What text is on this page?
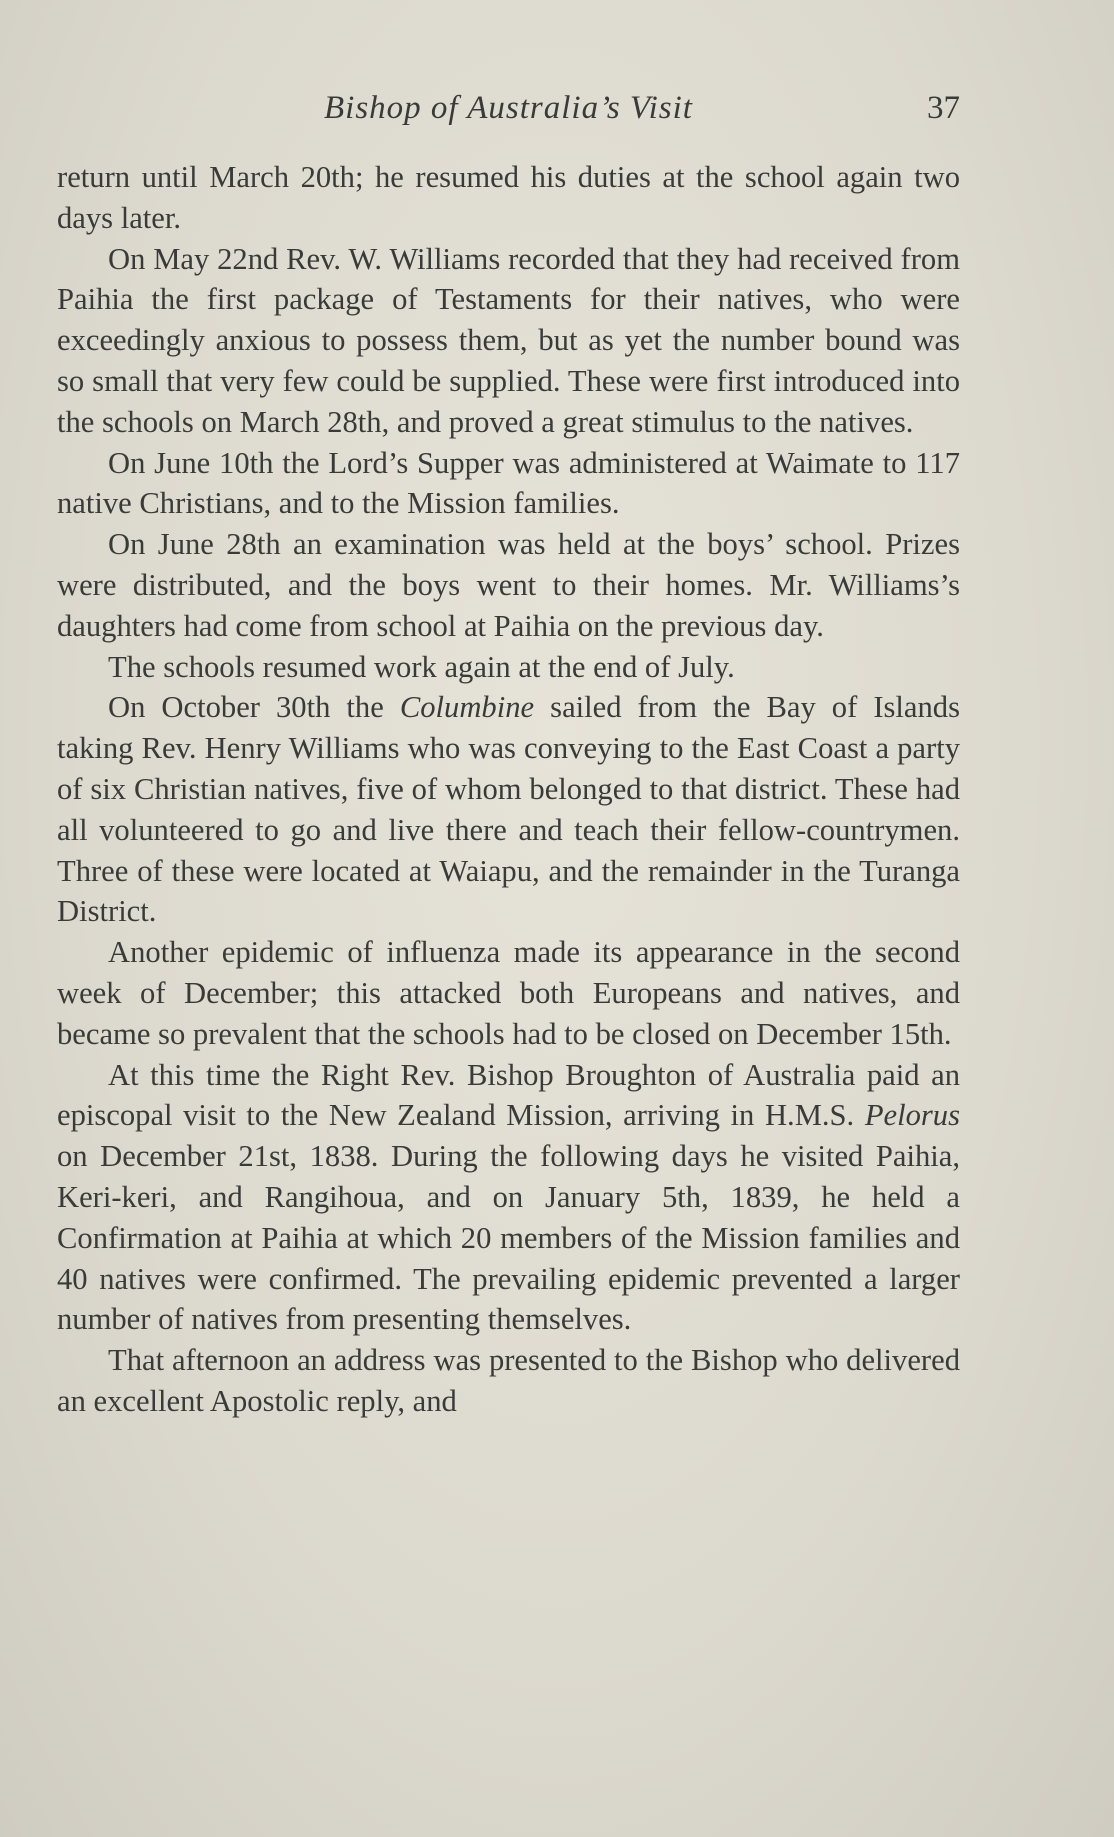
Bishop of Australia’s Visit	37

return until March 20th; he resumed his duties at the school again two days later.

On May 22nd Rev. W. Williams recorded that they had received from Paihia the first package of Testaments for their natives, who were exceedingly anxious to possess them, but as yet the number bound was so small that very few could be supplied. These were first introduced into the schools on March 28th, and proved a great stimulus to the natives.

On June 10th the Lord’s Supper was administered at Waimate to 117 native Christians, and to the Mission families.

On June 28th an examination was held at the boys’ school. Prizes were distributed, and the boys went to their homes. Mr. Williams’s daughters had come from school at Paihia on the previous day.

The schools resumed work again at the end of July.

On October 30th the Columbine sailed from the Bay of Islands taking Rev. Henry Williams who was conveying to the East Coast a party of six Christian natives, five of whom belonged to that district. These had all volunteered to go and live there and teach their fellow-countrymen. Three of these were located at Waiapu, and the remainder in the Turanga District.

Another epidemic of influenza made its appearance in the second week of December; this attacked both Europeans and natives, and became so prevalent that the schools had to be closed on December 15th.

At this time the Right Rev. Bishop Broughton of Australia paid an episcopal visit to the New Zealand Mission, arriving in H.M.S. Pelorus on December 21st, 1838. During the following days he visited Paihia, Keri-keri, and Rangihoua, and on January 5th, 1839, he held a Confirmation at Paihia at which 20 members of the Mission families and 40 natives were confirmed. The prevailing epidemic prevented a larger number of natives from presenting themselves.

That afternoon an address was presented to the Bishop who delivered an excellent Apostolic reply, and
